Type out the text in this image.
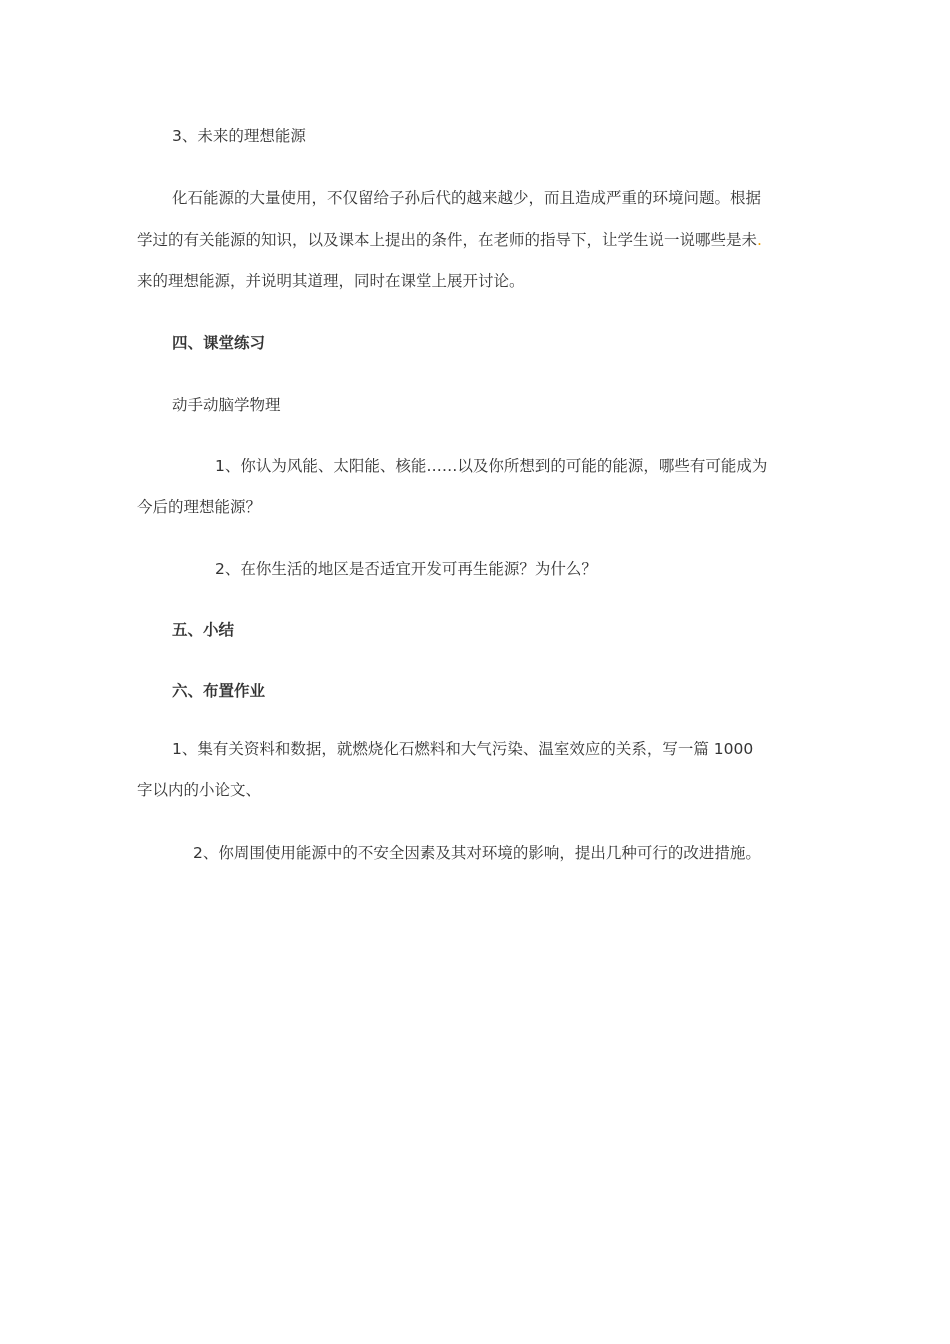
3、未来的理想能源
化石能源的大量使用，不仅留给子孙后代的越来越少，而且造成严重的环境问题。根据
学过的有关能源的知识，以及课本上提出的条件，在老师的指导下，让学生说一说哪些是未.
来的理想能源，并说明其道理，同时在课堂上展开讨论。
四、课堂练习
动手动脑学物理
1、你认为风能、太阳能、核能……以及你所想到的可能的能源，哪些有可能成为
今后的理想能源？
2、在你生活的地区是否适宜开发可再生能源？为什么？
五、小结
六、布置作业
1、集有关资料和数据，就燃烧化石燃料和大气污染、温室效应的关系，写一篇 1000
字以内的小论文、
2、你周围使用能源中的不安全因素及其对环境的影响，提出几种可行的改进措施。
